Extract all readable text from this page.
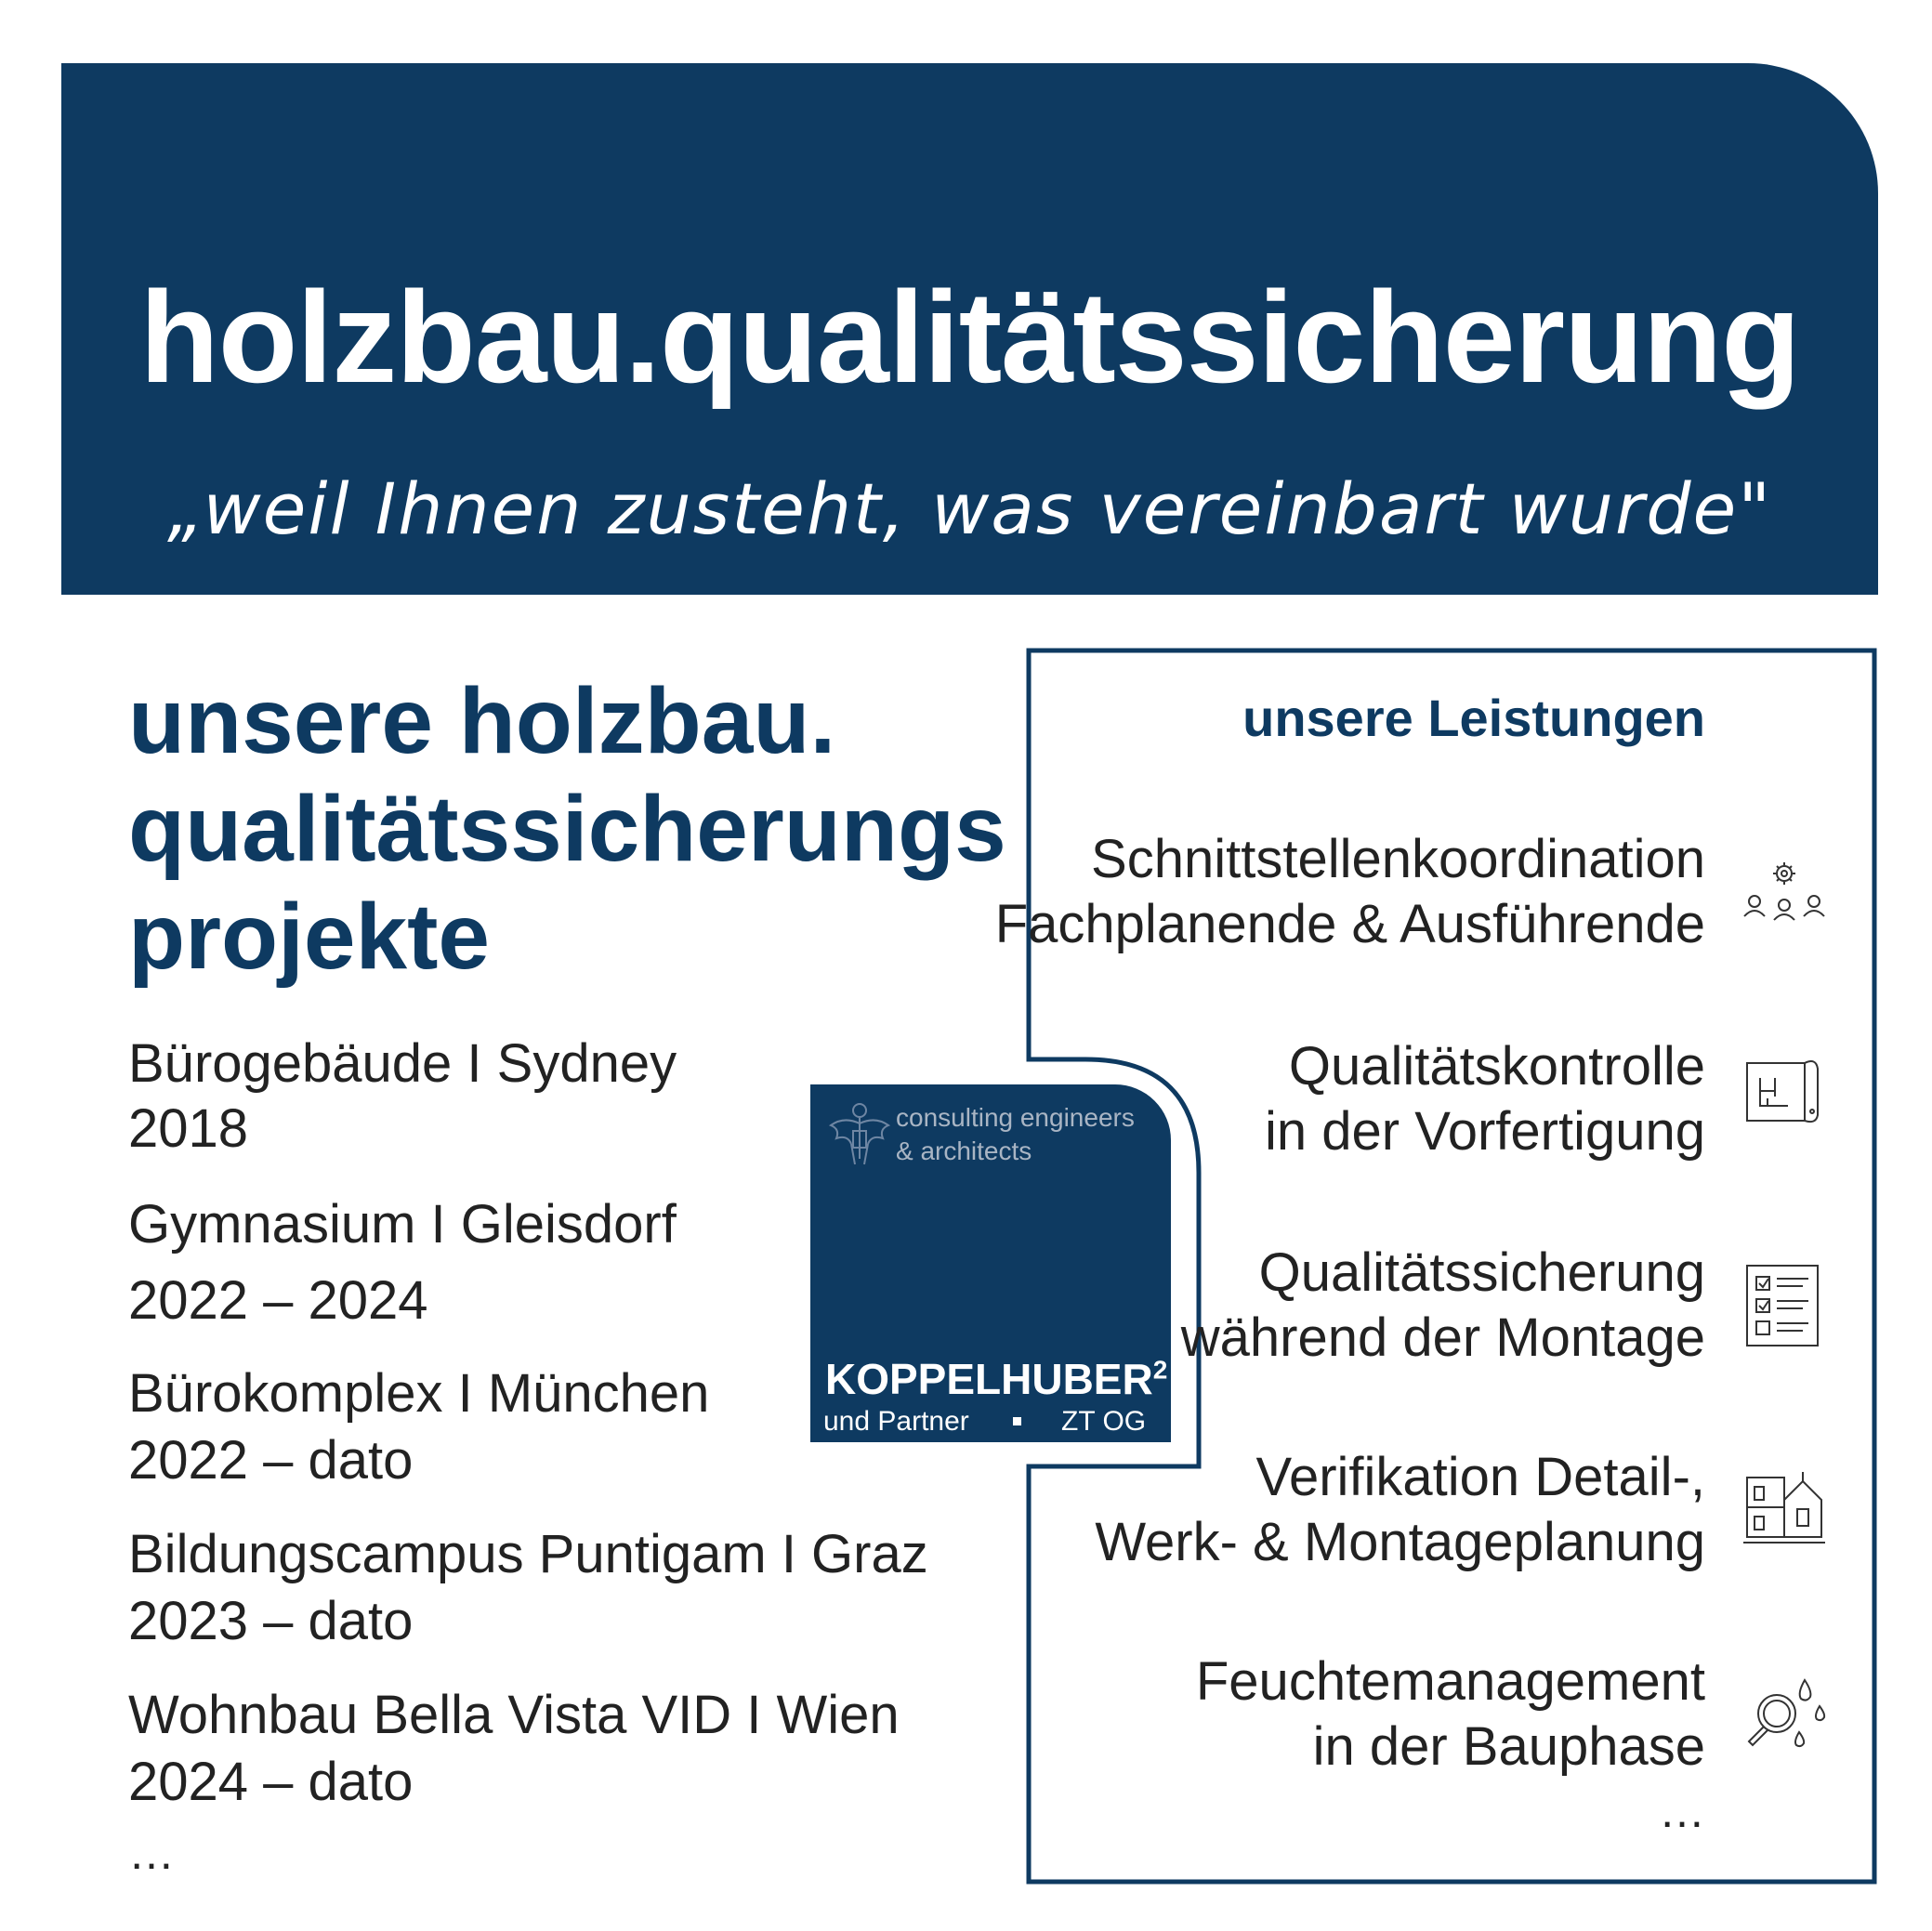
holzbau.qualitätssicherung
„weil Ihnen zusteht, was vereinbart wurde"
unsere holzbau.
qualitätssicherungs
projekte
Bürogebäude I Sydney
2018
Gymnasium I Gleisdorf
2022 – 2024
Bürokomplex I München
2022 – dato
Bildungscampus Puntigam I Graz
2023 – dato
Wohnbau Bella Vista VID I Wien
2024 – dato
…
consulting engineers
& architects
KOPPELHUBER$^2$
und Partner	ZT OG
unsere Leistungen
Schnittstellenkoordination
Fachplanende & Ausführende
Qualitätskontrolle
in der Vorfertigung
Qualitätssicherung
während der Montage
Verifikation Detail-,
Werk- & Montageplanung
Feuchtemanagement
in der Bauphase
…
